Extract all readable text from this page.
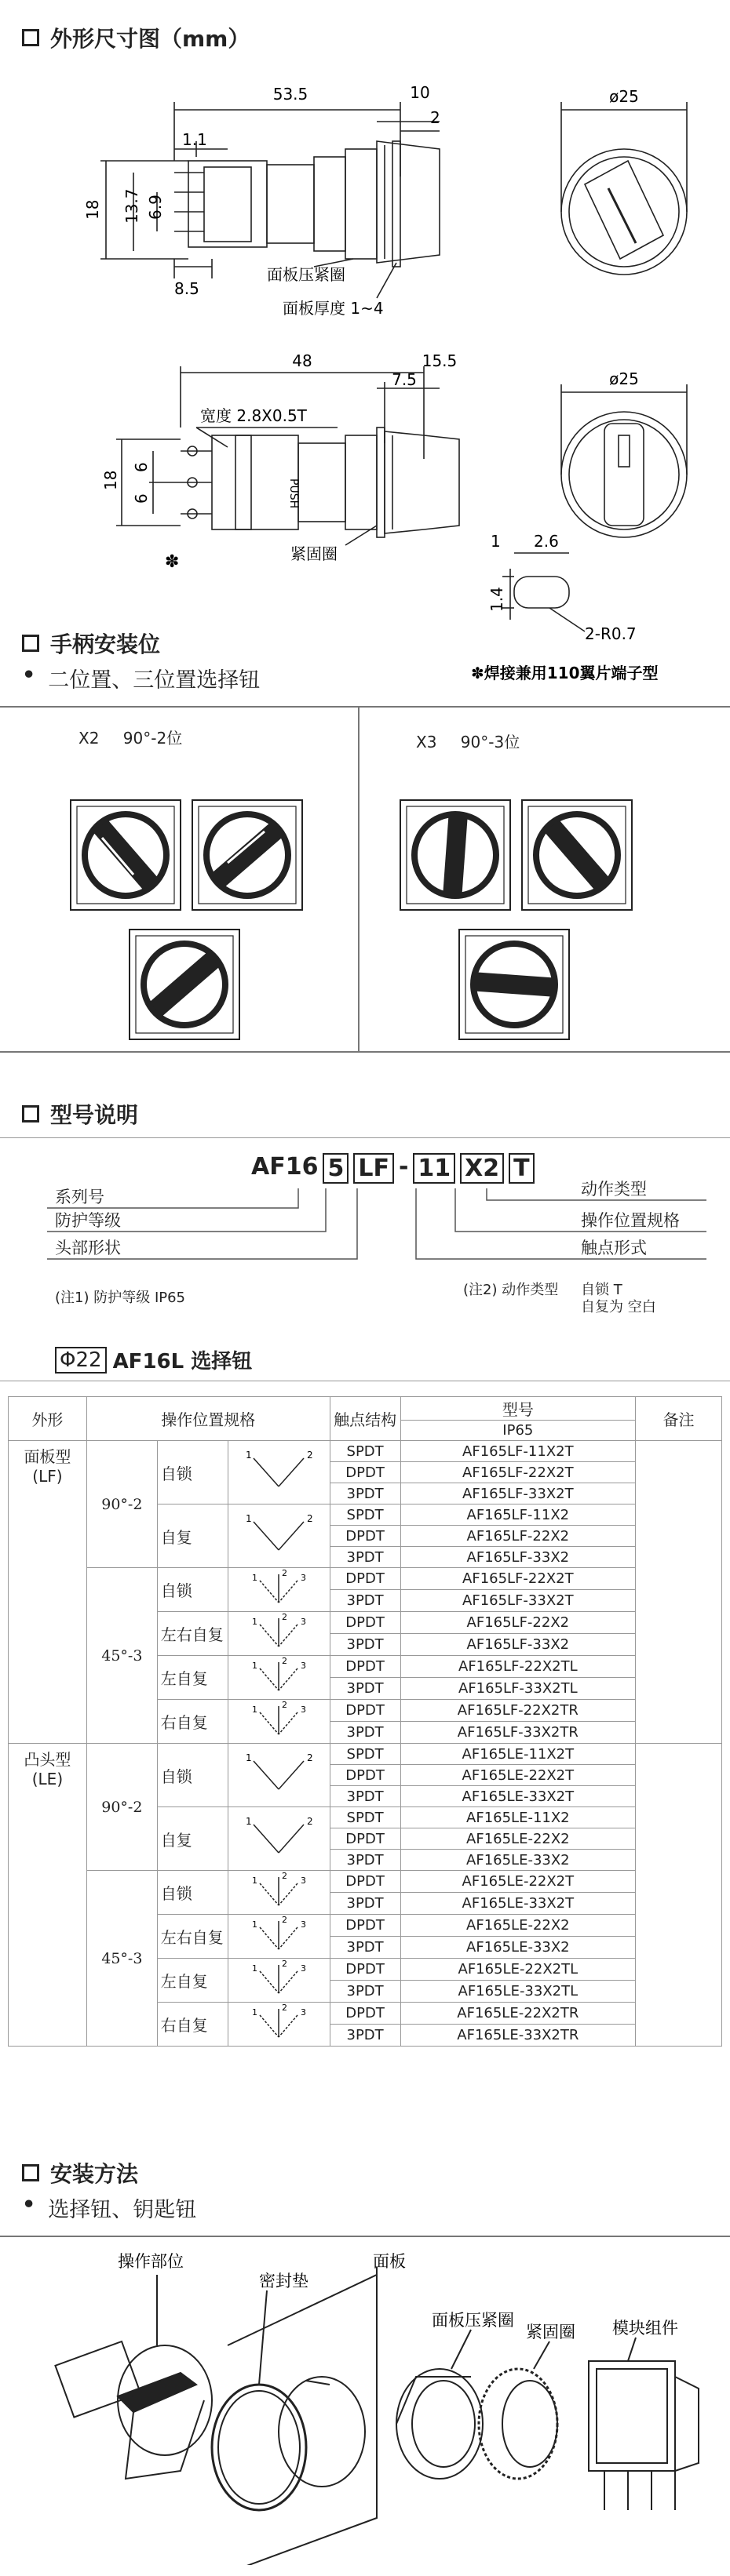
外形尺寸图（mm）
53.5	10
2
1.1
18 13.7 6.9
8.5
面板压紧圈
面板厚度 1~4
ø25
48	15.5
7.5
宽度 2.8X0.5T
18
6
6	PUSH
✽	紧固圈
ø25
1 2.6
1.4
2-R0.7
✽焊接兼用110翼片端子型
手柄安装位
• 二位置、三位置选择钮
X2 90°-2位	X3 90°-3位
型号说明
AF16 5 LF - 11 X2 T
系列号
防护等级
头部形状
动作类型
操作位置规格
触点形式
(注1) 防护等级 IP65	(注2) 动作类型 自锁 T
自复为 空白
Φ22 AF16L 选择钮
外形	操作位置规格			触点结构	型号	备注
					IP65	
面板型
(LF)	90°-2	自锁	1 2	SPDT	AF165LF-11X2T	
				DPDT	AF165LF-22X2T	
				3PDT	AF165LF-33X2T	
		自复	1 2	SPDT	AF165LF-11X2	
				DPDT	AF165LF-22X2	
				3PDT	AF165LF-33X2	
	45°-3	自锁	1 2 3	DPDT	AF165LF-22X2T	
				3PDT	AF165LF-33X2T	
		左右自复	1 2 3	DPDT	AF165LF-22X2	
				3PDT	AF165LF-33X2	
		左自复	1 2 3	DPDT	AF165LF-22X2TL	
				3PDT	AF165LF-33X2TL	
		右自复	1 2 3	DPDT	AF165LF-22X2TR	
				3PDT	AF165LF-33X2TR	
凸头型
(LE)	90°-2	自锁	1 2	SPDT	AF165LE-11X2T	
				DPDT	AF165LE-22X2T	
				3PDT	AF165LE-33X2T	
		自复	1 2	SPDT	AF165LE-11X2	
				DPDT	AF165LE-22X2	
				3PDT	AF165LE-33X2	
	45°-3	自锁	1 2 3	DPDT	AF165LE-22X2T	
				3PDT	AF165LE-33X2T	
		左右自复	1 2 3	DPDT	AF165LE-22X2	
				3PDT	AF165LE-33X2	
		左自复	1 2 3	DPDT	AF165LE-22X2TL	
				3PDT	AF165LE-33X2TL	
		右自复	1 2 3	DPDT	AF165LE-22X2TR	
				3PDT	AF165LE-33X2TR	
安装方法
• 选择钮、钥匙钮
操作部位
密封垫
面板
面板压紧圈
紧固圈 模块组件
